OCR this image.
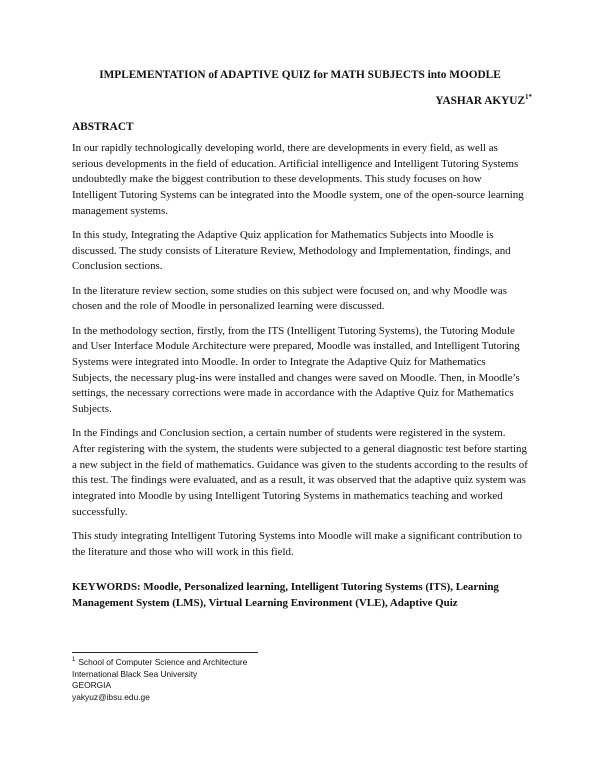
IMPLEMENTATION of ADAPTIVE QUIZ for MATH SUBJECTS into MOODLE
YASHAR $AKYUZ^{1*}$
ABSTRACT

In our rapidly technologically developing world, there are developments in every field, as well as serious developments in the field of education. Artificial intelligence and Intelligent Tutoring Systems undoubtedly make the biggest contribution to these developments. This study focuses on how Intelligent Tutoring Systems can be integrated into the Moodle system, one of the open-source learning management systems.

In this study, Integrating the Adaptive Quiz application for Mathematics Subjects into Moodle is discussed. The study consists of Literature Review, Methodology and Implementation, findings, and Conclusion sections.

In the literature review section, some studies on this subject were focused on, and why Moodle was chosen and the role of Moodle in personalized learning were discussed.

In the methodology section, firstly, from the ITS (Intelligent Tutoring Systems), the Tutoring Module and User Interface Module Architecture were prepared, Moodle was installed, and Intelligent Tutoring Systems were integrated into Moodle. In order to Integrate the Adaptive Quiz for Mathematics Subjects, the necessary plug-ins were installed and changes were saved on Moodle. Then, in Moodle’s settings, the necessary corrections were made in accordance with the Adaptive Quiz for Mathematics Subjects.

In the Findings and Conclusion section, a certain number of students were registered in the system. After registering with the system, the students were subjected to a general diagnostic test before starting a new subject in the field of mathematics. Guidance was given to the students according to the results of this test. The findings were evaluated, and as a result, it was observed that the adaptive quiz system was integrated into Moodle by using Intelligent Tutoring Systems in mathematics teaching and worked successfully.

This study integrating Intelligent Tutoring Systems into Moodle will make a significant contribution to the literature and those who will work in this field.

KEYWORDS: Moodle, Personalized learning, Intelligent Tutoring Systems (ITS), Learning Management System (LMS), Virtual Learning Environment (VLE), Adaptive Quiz
$^1$ School of Computer Science and Architecture
International Black Sea University
GEORGIA
yakyuz@ibsu.edu.ge
